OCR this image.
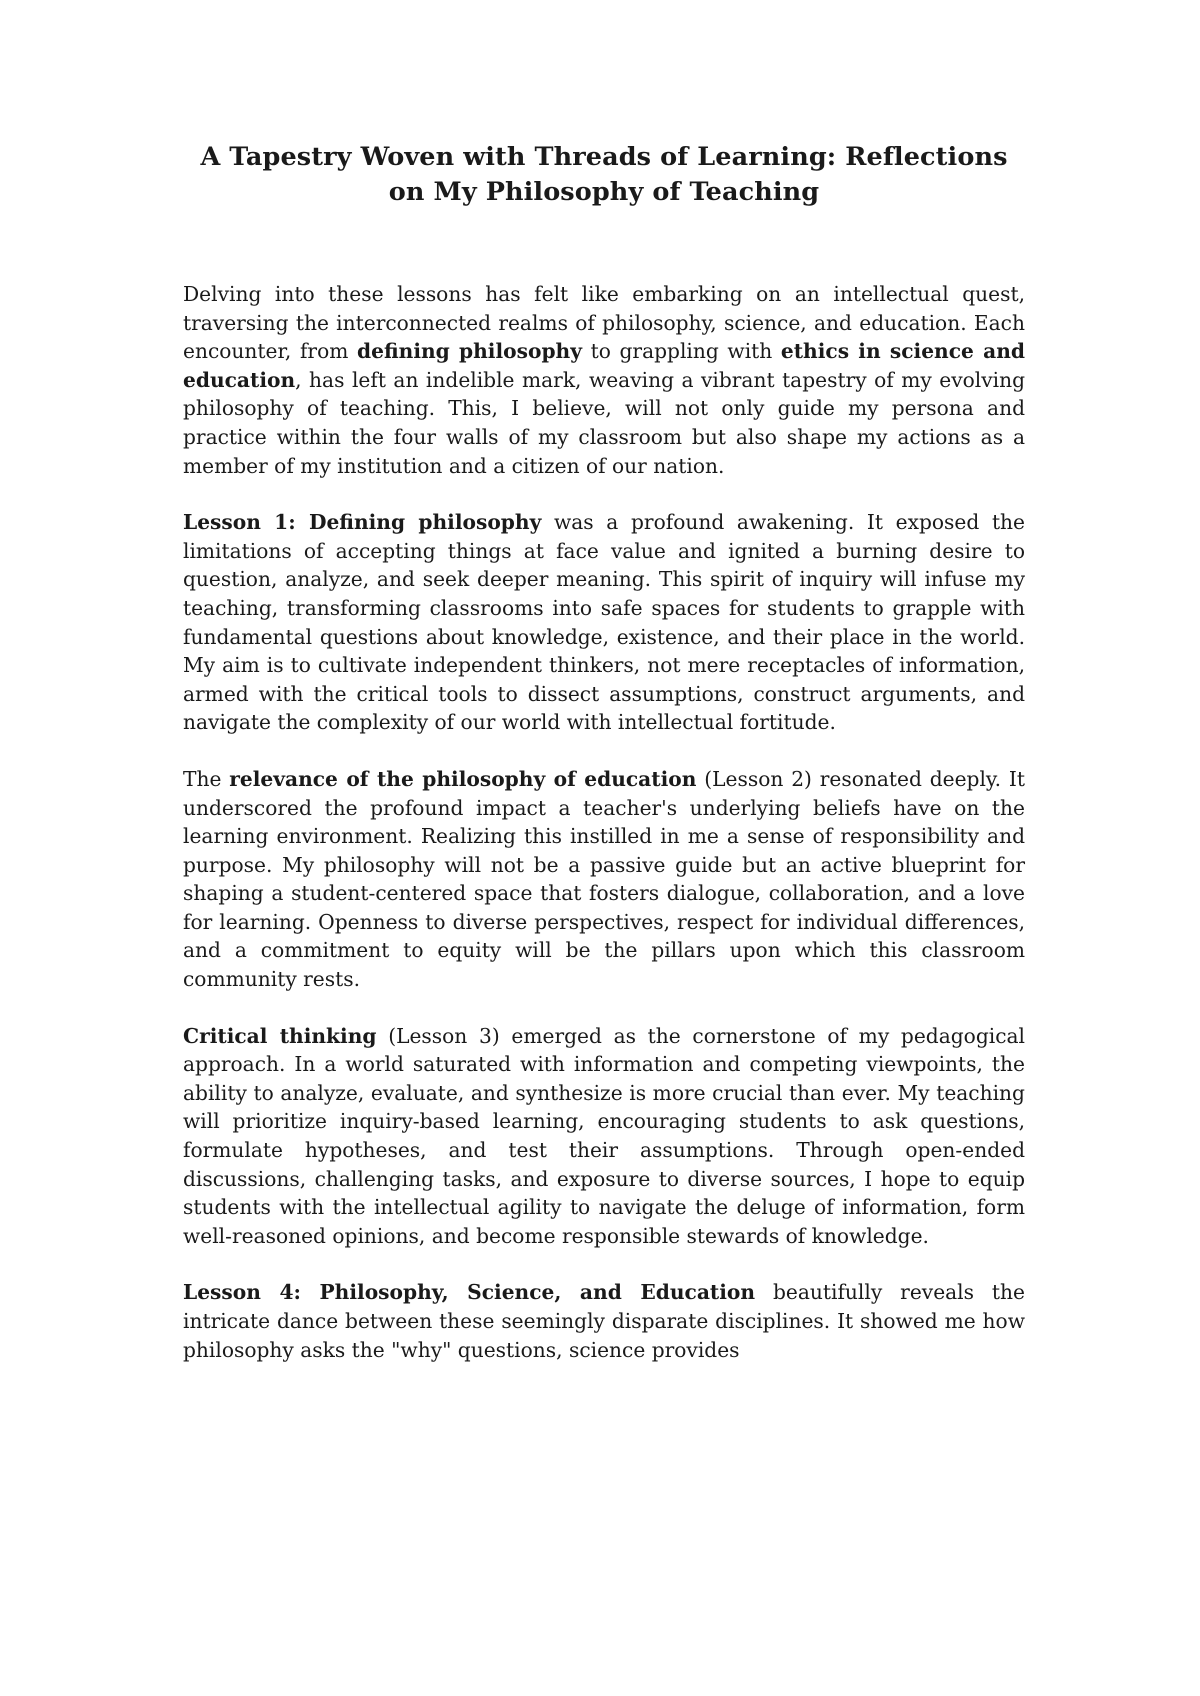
A Tapestry Woven with Threads of Learning: Reflections
on My Philosophy of Teaching

Delving into these lessons has felt like embarking on an intellectual quest, traversing the interconnected realms of philosophy, science, and education. Each encounter, from defining philosophy to grappling with ethics in science and education, has left an indelible mark, weaving a vibrant tapestry of my evolving philosophy of teaching. This, I believe, will not only guide my persona and practice within the four walls of my classroom but also shape my actions as a member of my institution and a citizen of our nation.

Lesson 1: Defining philosophy was a profound awakening. It exposed the limitations of accepting things at face value and ignited a burning desire to question, analyze, and seek deeper meaning. This spirit of inquiry will infuse my teaching, transforming classrooms into safe spaces for students to grapple with fundamental questions about knowledge, existence, and their place in the world. My aim is to cultivate independent thinkers, not mere receptacles of information, armed with the critical tools to dissect assumptions, construct arguments, and navigate the complexity of our world with intellectual fortitude.

The relevance of the philosophy of education (Lesson 2) resonated deeply. It underscored the profound impact a teacher's underlying beliefs have on the learning environment. Realizing this instilled in me a sense of responsibility and purpose. My philosophy will not be a passive guide but an active blueprint for shaping a student-centered space that fosters dialogue, collaboration, and a love for learning. Openness to diverse perspectives, respect for individual differences, and a commitment to equity will be the pillars upon which this classroom community rests.

Critical thinking (Lesson 3) emerged as the cornerstone of my pedagogical approach. In a world saturated with information and competing viewpoints, the ability to analyze, evaluate, and synthesize is more crucial than ever. My teaching will prioritize inquiry-based learning, encouraging students to ask questions, formulate hypotheses, and test their assumptions. Through open-ended discussions, challenging tasks, and exposure to diverse sources, I hope to equip students with the intellectual agility to navigate the deluge of information, form well-reasoned opinions, and become responsible stewards of knowledge.

Lesson 4: Philosophy, Science, and Education beautifully reveals the intricate dance between these seemingly disparate disciplines. It showed me how philosophy asks the "why" questions, science provides
